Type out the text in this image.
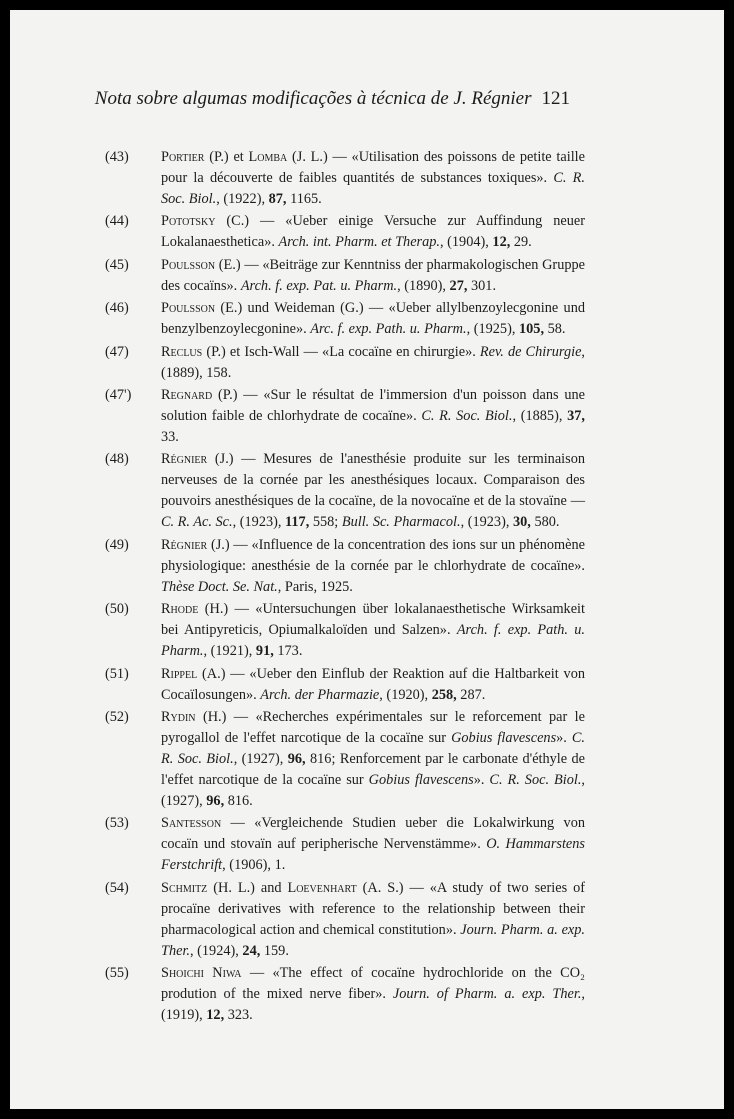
Nota sobre algumas modificações à técnica de J. Régnier 121
(43) Portier (P.) et Lomba (J. L.) — «Utilisation des poissons de petite taille pour la découverte de faibles quantités de substances toxiques». C. R. Soc. Biol., (1922), 87, 1165.
(44) Pototsky (C.) — «Ueber einige Versuche zur Auffindung neuer Lokalanaesthetica». Arch. int. Pharm. et Therap., (1904), 12, 29.
(45) Poulsson (E.) — «Beiträge zur Kenntniss der pharmakologischen Gruppe des cocaïns». Arch. f. exp. Pat. u. Pharm., (1890), 27, 301.
(46) Poulsson (E.) und Weideman (G.) — «Ueber allylbenzoylecgonine und benzylbenzoylecgonine». Arc. f. exp. Path. u. Pharm., (1925), 105, 58.
(47) Reclus (P.) et Isch-Wall — «La cocaïne en chirurgie». Rev. de Chirurgie, (1889), 158.
(47') Regnard (P.) — «Sur le résultat de l'immersion d'un poisson dans une solution faible de chlorhydrate de cocaïne». C. R. Soc. Biol., (1885), 37, 33.
(48) Régnier (J.) — Mesures de l'anesthésie produite sur les terminaison nerveuses de la cornée par les anesthésiques locaux. Comparaison des pouvoirs anesthésiques de la cocaïne, de la novocaïne et de la stovaïne — C. R. Ac. Sc., (1923), 117, 558; Bull. Sc. Pharmacol., (1923), 30, 580.
(49) Régnier (J.) — «Influence de la concentration des ions sur un phénomène physiologique: anesthésie de la cornée par le chlorhydrate de cocaïne». Thèse Doct. Se. Nat., Paris, 1925.
(50) Rhode (H.) — «Untersuchungen über lokalanaesthetische Wirksamkeit bei Antipyreticis, Opiumalkaloïden und Salzen». Arch. f. exp. Path. u. Pharm., (1921), 91, 173.
(51) Rippel (A.) — «Ueber den Einflub der Reaktion auf die Haltbarkeit von Cocaïlosungen». Arch. der Pharmazie, (1920), 258, 287.
(52) Rydin (H.) — «Recherches expérimentales sur le reforcement par le pyrogallol de l'effet narcotique de la cocaïne sur Gobius flavescens». C. R. Soc. Biol., (1927), 96, 816; Renforcement par le carbonate d'éthyle de l'effet narcotique de la cocaïne sur Gobius flavescens». C. R. Soc. Biol., (1927), 96, 816.
(53) Santesson — «Vergleichende Studien ueber die Lokalwirkung von cocaïn und stovaïn auf peripherische Nervenstämme». O. Hammarstens Ferstchrift, (1906), 1.
(54) Schmitz (H. L.) and Loevenhart (A. S.) — «A study of two series of procaïne derivatives with reference to the relationship between their pharmacological action and chemical constitution». Journ. Pharm. a. exp. Ther., (1924), 24, 159.
(55) Shoichi Niwa — «The effect of cocaïne hydrochloride on the CO₂ prodution of the mixed nerve fiber». Journ. of Pharm. a. exp. Ther., (1919), 12, 323.
